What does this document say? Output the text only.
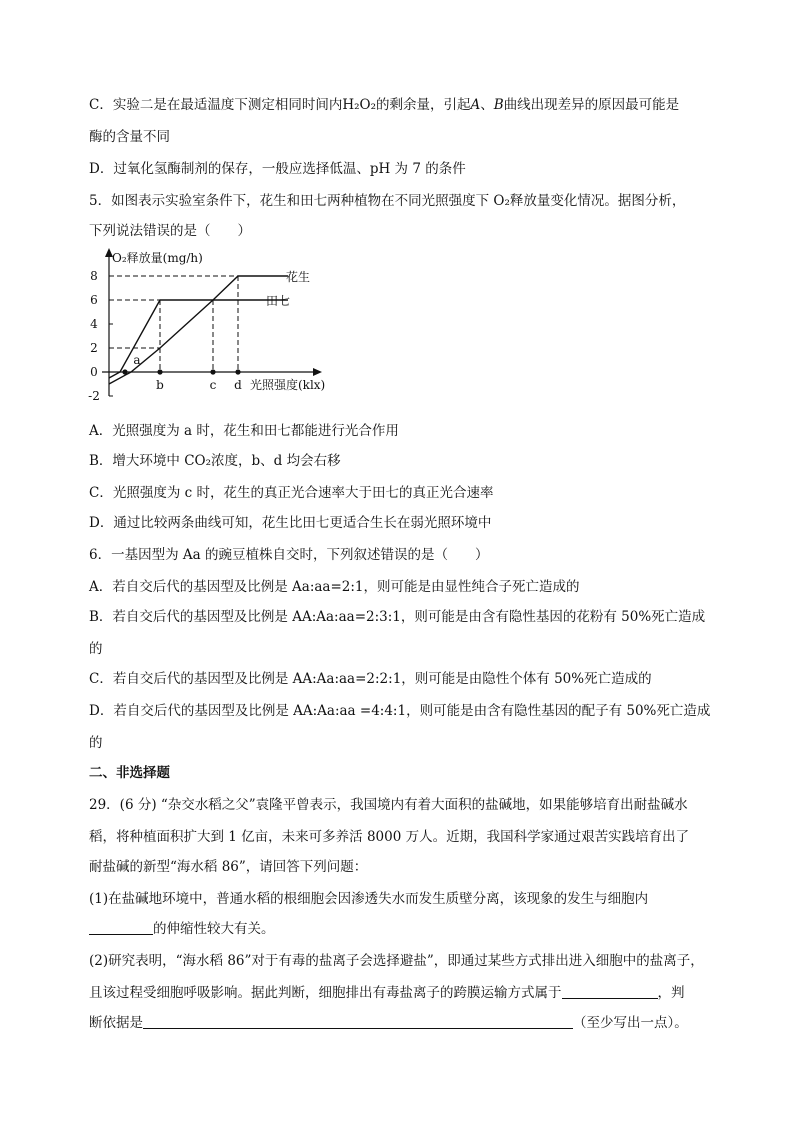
C．实验二是在最适温度下测定相同时间内H₂O₂的剩余量，引起A、B曲线出现差异的原因最可能是
酶的含量不同
D．过氧化氢酶制剂的保存，一般应选择低温、pH 为 7 的条件
5．如图表示实验室条件下，花生和田七两种植物在不同光照强度下 O₂释放量变化情况。据图分析，
下列说法错误的是（　　）
O₂释放量(mg/h)
光照强度(klx)
8
6
4
2
0
-2
a
b	c d
花生
田七
A．光照强度为 a 时，花生和田七都能进行光合作用
B．增大环境中 CO₂浓度，b、d 均会右移
C．光照强度为 c 时，花生的真正光合速率大于田七的真正光合速率
D．通过比较两条曲线可知，花生比田七更适合生长在弱光照环境中
6．一基因型为 Aa 的豌豆植株自交时，下列叙述错误的是（　　）
A．若自交后代的基因型及比例是 Aa:aa=2:1，则可能是由显性纯合子死亡造成的
B．若自交后代的基因型及比例是 AA:Aa:aa=2:3:1，则可能是由含有隐性基因的花粉有 50%死亡造成
的
C．若自交后代的基因型及比例是 AA:Aa:aa=2:2:1，则可能是由隐性个体有 50%死亡造成的
D．若自交后代的基因型及比例是 AA:Aa:aa =4:4:1，则可能是由含有隐性基因的配子有 50%死亡造成
的
二、非选择题
29．(6 分) “杂交水稻之父”袁隆平曾表示，我国境内有着大面积的盐碱地，如果能够培育出耐盐碱水
稻，将种植面积扩大到 1 亿亩，未来可多养活 8000 万人。近期，我国科学家通过艰苦实践培育出了
耐盐碱的新型“海水稻 86”，请回答下列问题：
(1)在盐碱地环境中，普通水稻的根细胞会因渗透失水而发生质壁分离，该现象的发生与细胞内
的伸缩性较大有关。
(2)研究表明，“海水稻 86”对于有毒的盐离子会选择避盐”，即通过某些方式排出进入细胞中的盐离子，
且该过程受细胞呼吸影响。据此判断，细胞排出有毒盐离子的跨膜运输方式属于	，判
断依据是	（至少写出一点）。
